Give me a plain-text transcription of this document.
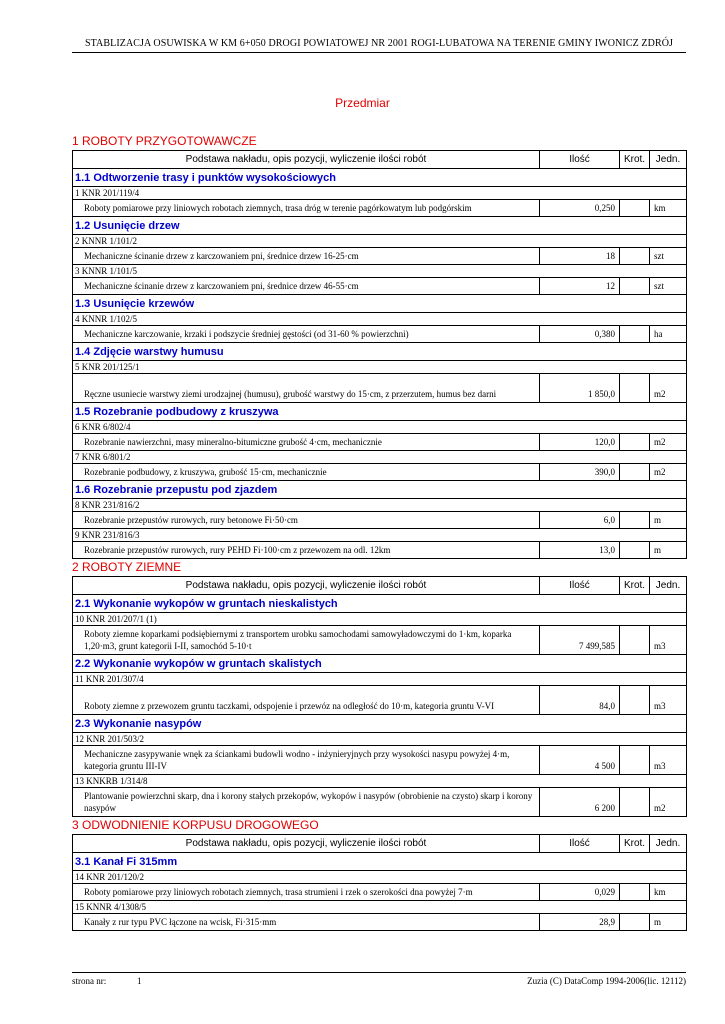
STABLIZACJA OSUWISKA W KM 6+050 DROGI POWIATOWEJ NR 2001 ROGI-LUBATOWA NA TERENIE GMINY IWONICZ ZDRÓJ
Przedmiar
1 ROBOTY PRZYGOTOWAWCZE
Podstawa nakładu, opis pozycji, wyliczenie ilości robót	Ilość	Krot.	Jedn.
1.1 Odtworzenie trasy i punktów wysokościowych			
1 KNR 201/119/4			
Roboty pomiarowe przy liniowych robotach ziemnych, trasa dróg w terenie pagórkowatym lub podgórskim	0,250		km
1.2 Usunięcie drzew			
2 KNNR 1/101/2			
Mechaniczne ścinanie drzew z karczowaniem pni, średnice drzew 16-25·cm	18		szt
3 KNNR 1/101/5			
Mechaniczne ścinanie drzew z karczowaniem pni, średnice drzew 46-55·cm	12		szt
1.3 Usunięcie krzewów			
4 KNNR 1/102/5			
Mechaniczne karczowanie, krzaki i podszycie średniej gęstości (od 31-60 % powierzchni)	0,380		ha
1.4 Zdjęcie warstwy humusu			
5 KNR 201/125/1			
Ręczne usuniecie warstwy ziemi urodzajnej (humusu), grubość warstwy do 15·cm, z przerzutem, humus bez darni	1 850,0		m2
1.5 Rozebranie podbudowy z kruszywa			
6 KNR 6/802/4			
Rozebranie nawierzchni, masy mineralno-bitumiczne grubość 4·cm, mechanicznie	120,0		m2
7 KNR 6/801/2			
Rozebranie podbudowy, z kruszywa, grubość 15·cm, mechanicznie	390,0		m2
1.6 Rozebranie przepustu pod zjazdem			
8 KNR 231/816/2			
Rozebranie przepustów rurowych, rury betonowe Fi·50·cm	6,0		m
9 KNR 231/816/3			
Rozebranie przepustów rurowych, rury PEHD Fi·100·cm z przewozem na odl. 12km	13,0		m
2 ROBOTY ZIEMNE
Podstawa nakładu, opis pozycji, wyliczenie ilości robót	Ilość	Krot.	Jedn.
2.1 Wykonanie wykopów w gruntach nieskalistych			
10 KNR 201/207/1 (1)			
Roboty ziemne koparkami podsiębiernymi z transportem urobku samochodami samowyładowczymi do 1·km, koparka 1,20·m3, grunt kategorii I-II, samochód 5-10·t	7 499,585		m3
2.2 Wykonanie wykopów w gruntach skalistych			
11 KNR 201/307/4			
Roboty ziemne z przewozem gruntu taczkami, odspojenie i przewóz na odległość do 10·m, kategoria gruntu V-VI	84,0		m3
2.3 Wykonanie nasypów			
12 KNR 201/503/2			
Mechaniczne zasypywanie wnęk za ściankami budowli wodno - inżynieryjnych przy wysokości nasypu powyżej 4·m, kategoria gruntu III-IV	4 500		m3
13 KNKRB 1/314/8			
Plantowanie powierzchni skarp, dna i korony stałych przekopów, wykopów i nasypów (obrobienie na czysto) skarp i korony nasypów	6 200		m2
3 ODWODNIENIE KORPUSU DROGOWEGO
Podstawa nakładu, opis pozycji, wyliczenie ilości robót	Ilość	Krot.	Jedn.
3.1 Kanał Fi 315mm			
14 KNR 201/120/2			
Roboty pomiarowe przy liniowych robotach ziemnych, trasa strumieni i rzek o szerokości dna powyżej 7·m	0,029		km
15 KNNR 4/1308/5			
Kanały z rur typu PVC łączone na wcisk, Fi·315·mm	28,9		m
strona nr:	1	Zuzia (C) DataComp 1994-2006(lic. 12112)
